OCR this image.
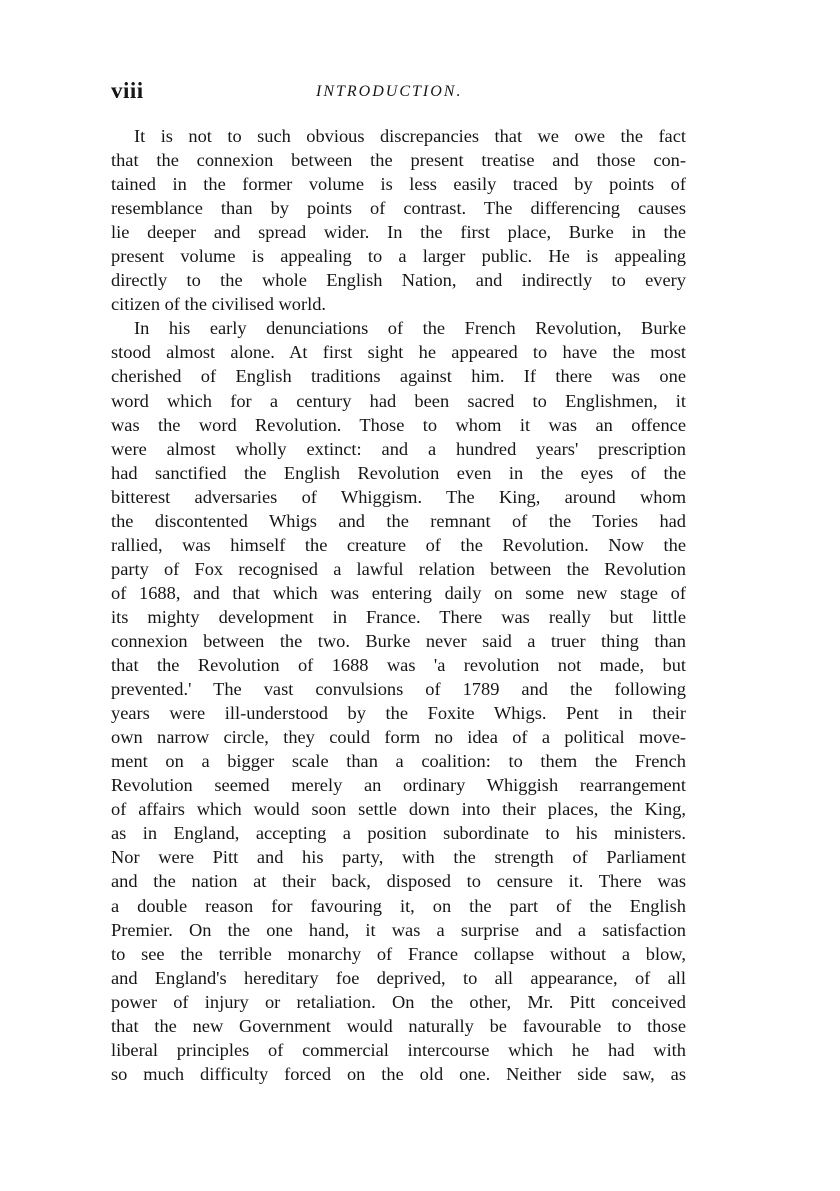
viii	INTRODUCTION.
It is not to such obvious discrepancies that we owe the fact
that the connexion between the present treatise and those con-
tained in the former volume is less easily traced by points of
resemblance than by points of contrast. The differencing causes
lie deeper and spread wider. In the first place, Burke in the
present volume is appealing to a larger public. He is appealing
directly to the whole English Nation, and indirectly to every
citizen of the civilised world.
In his early denunciations of the French Revolution, Burke
stood almost alone. At first sight he appeared to have the most
cherished of English traditions against him. If there was one
word which for a century had been sacred to Englishmen, it
was the word Revolution. Those to whom it was an offence
were almost wholly extinct: and a hundred years' prescription
had sanctified the English Revolution even in the eyes of the
bitterest adversaries of Whiggism. The King, around whom
the discontented Whigs and the remnant of the Tories had
rallied, was himself the creature of the Revolution. Now the
party of Fox recognised a lawful relation between the Revolution
of 1688, and that which was entering daily on some new stage of
its mighty development in France. There was really but little
connexion between the two. Burke never said a truer thing than
that the Revolution of 1688 was 'a revolution not made, but
prevented.' The vast convulsions of 1789 and the following
years were ill-understood by the Foxite Whigs. Pent in their
own narrow circle, they could form no idea of a political move-
ment on a bigger scale than a coalition: to them the French
Revolution seemed merely an ordinary Whiggish rearrangement
of affairs which would soon settle down into their places, the King,
as in England, accepting a position subordinate to his ministers.
Nor were Pitt and his party, with the strength of Parliament
and the nation at their back, disposed to censure it. There was
a double reason for favouring it, on the part of the English
Premier. On the one hand, it was a surprise and a satisfaction
to see the terrible monarchy of France collapse without a blow,
and England's hereditary foe deprived, to all appearance, of all
power of injury or retaliation. On the other, Mr. Pitt conceived
that the new Government would naturally be favourable to those
liberal principles of commercial intercourse which he had with
so much difficulty forced on the old one. Neither side saw, as
